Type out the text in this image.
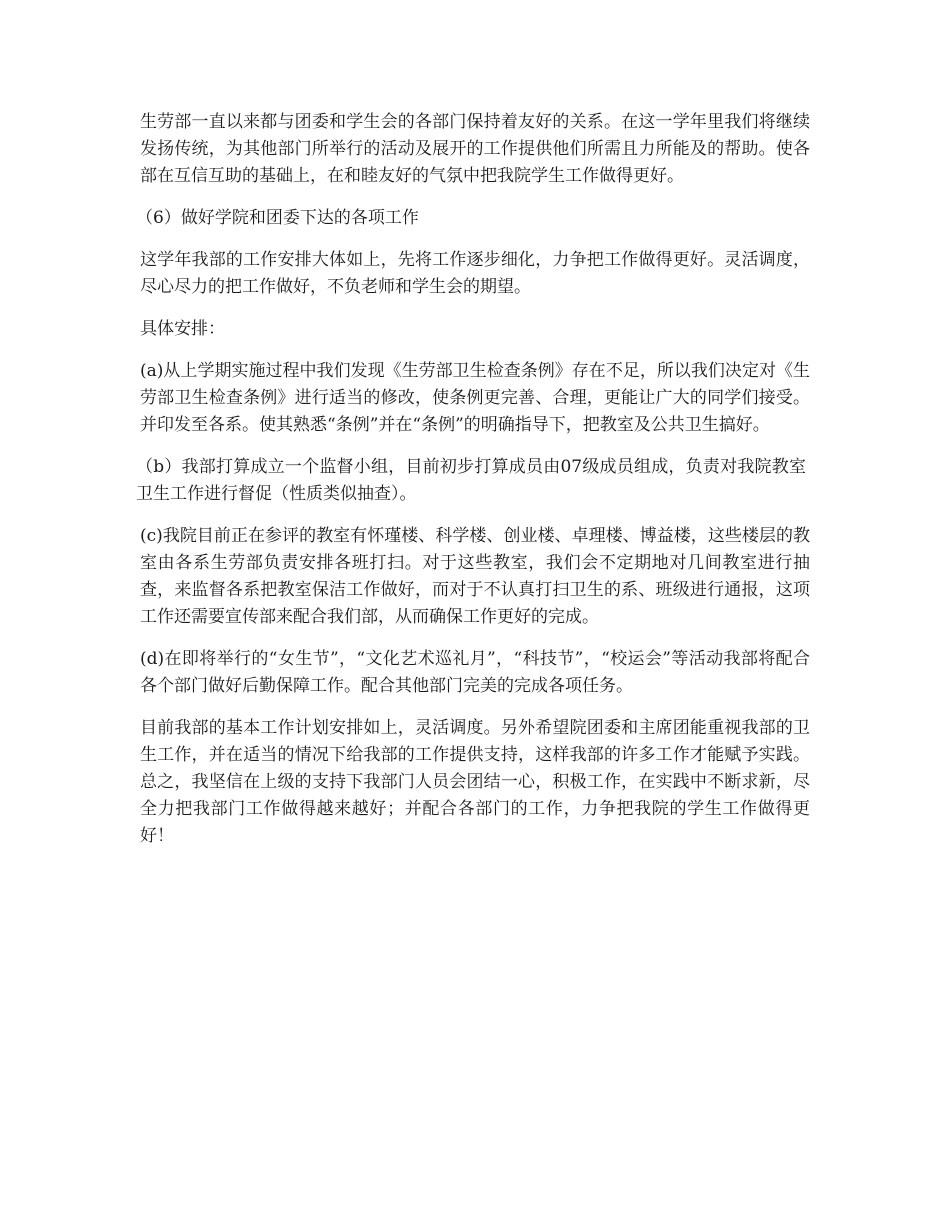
生劳部一直以来都与团委和学生会的各部门保持着友好的关系。在这一学年里我们将继续发扬传统，为其他部门所举行的活动及展开的工作提供他们所需且力所能及的帮助。使各部在互信互助的基础上，在和睦友好的气氛中把我院学生工作做得更好。

（6）做好学院和团委下达的各项工作

这学年我部的工作安排大体如上，先将工作逐步细化，力争把工作做得更好。灵活调度，尽心尽力的把工作做好，不负老师和学生会的期望。

具体安排：

(a)从上学期实施过程中我们发现《生劳部卫生检查条例》存在不足，所以我们决定对《生劳部卫生检查条例》进行适当的修改，使条例更完善、合理，更能让广大的同学们接受。并印发至各系。使其熟悉“条例”并在“条例”的明确指导下，把教室及公共卫生搞好。

（b）我部打算成立一个监督小组，目前初步打算成员由07级成员组成，负责对我院教室卫生工作进行督促（性质类似抽查）。

(c)我院目前正在参评的教室有怀瑾楼、科学楼、创业楼、卓理楼、博益楼，这些楼层的教室由各系生劳部负责安排各班打扫。对于这些教室，我们会不定期地对几间教室进行抽查，来监督各系把教室保洁工作做好，而对于不认真打扫卫生的系、班级进行通报，这项工作还需要宣传部来配合我们部，从而确保工作更好的完成。

(d)在即将举行的“女生节”，“文化艺术巡礼月”，“科技节”，“校运会”等活动我部将配合各个部门做好后勤保障工作。配合其他部门完美的完成各项任务。

目前我部的基本工作计划安排如上，灵活调度。另外希望院团委和主席团能重视我部的卫生工作，并在适当的情况下给我部的工作提供支持，这样我部的许多工作才能赋予实践。总之，我坚信在上级的支持下我部门人员会团结一心，积极工作，在实践中不断求新，尽全力把我部门工作做得越来越好；并配合各部门的工作，力争把我院的学生工作做得更好！
